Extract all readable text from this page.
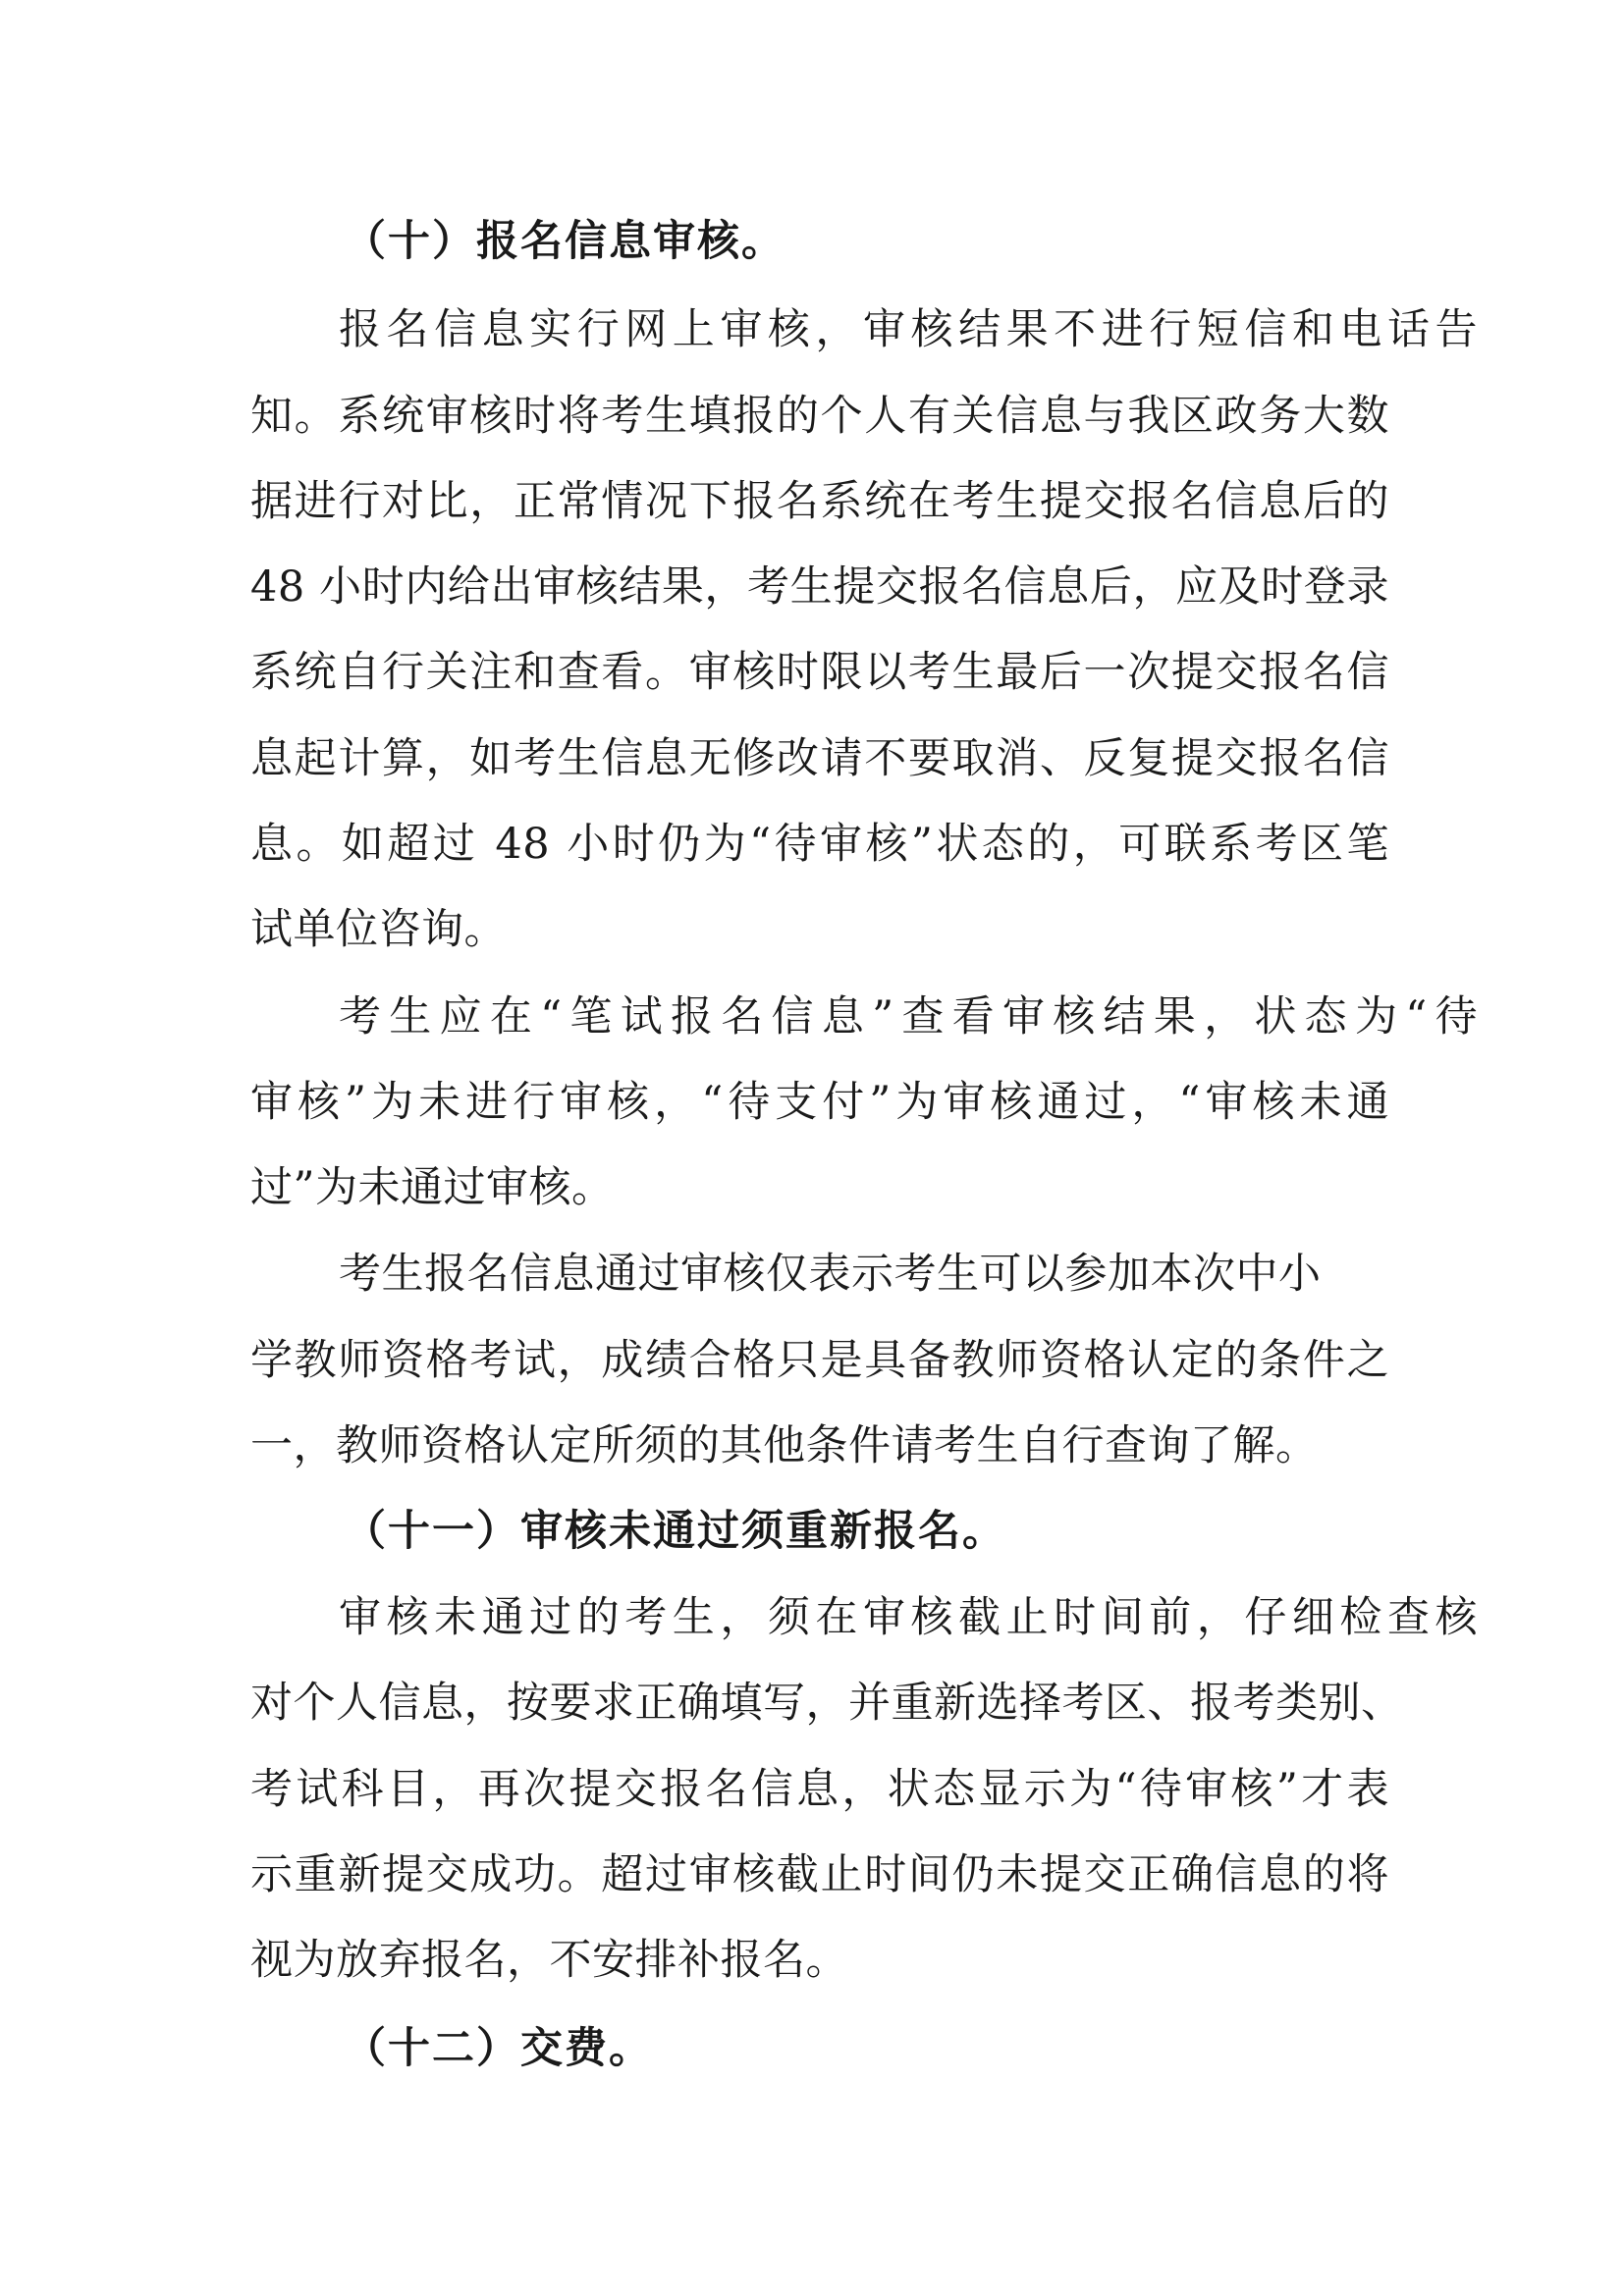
（十）报名信息审核。
报名信息实行网上审核，审核结果不进行短信和电话告
知。系统审核时将考生填报的个人有关信息与我区政务大数
据进行对比，正常情况下报名系统在考生提交报名信息后的
48 小时内给出审核结果，考生提交报名信息后，应及时登录
系统自行关注和查看。审核时限以考生最后一次提交报名信
息起计算，如考生信息无修改请不要取消、反复提交报名信
息。如超过 48 小时仍为“待审核”状态的，可联系考区笔
试单位咨询。
考生应在“笔试报名信息”查看审核结果，状态为“待
审核”为未进行审核，“待支付”为审核通过，“审核未通
过”为未通过审核。
考生报名信息通过审核仅表示考生可以参加本次中小
学教师资格考试，成绩合格只是具备教师资格认定的条件之
一，教师资格认定所须的其他条件请考生自行查询了解。
（十一）审核未通过须重新报名。
审核未通过的考生，须在审核截止时间前，仔细检查核
对个人信息，按要求正确填写，并重新选择考区、报考类别、
考试科目，再次提交报名信息，状态显示为“待审核”才表
示重新提交成功。超过审核截止时间仍未提交正确信息的将
视为放弃报名，不安排补报名。
（十二）交费。
